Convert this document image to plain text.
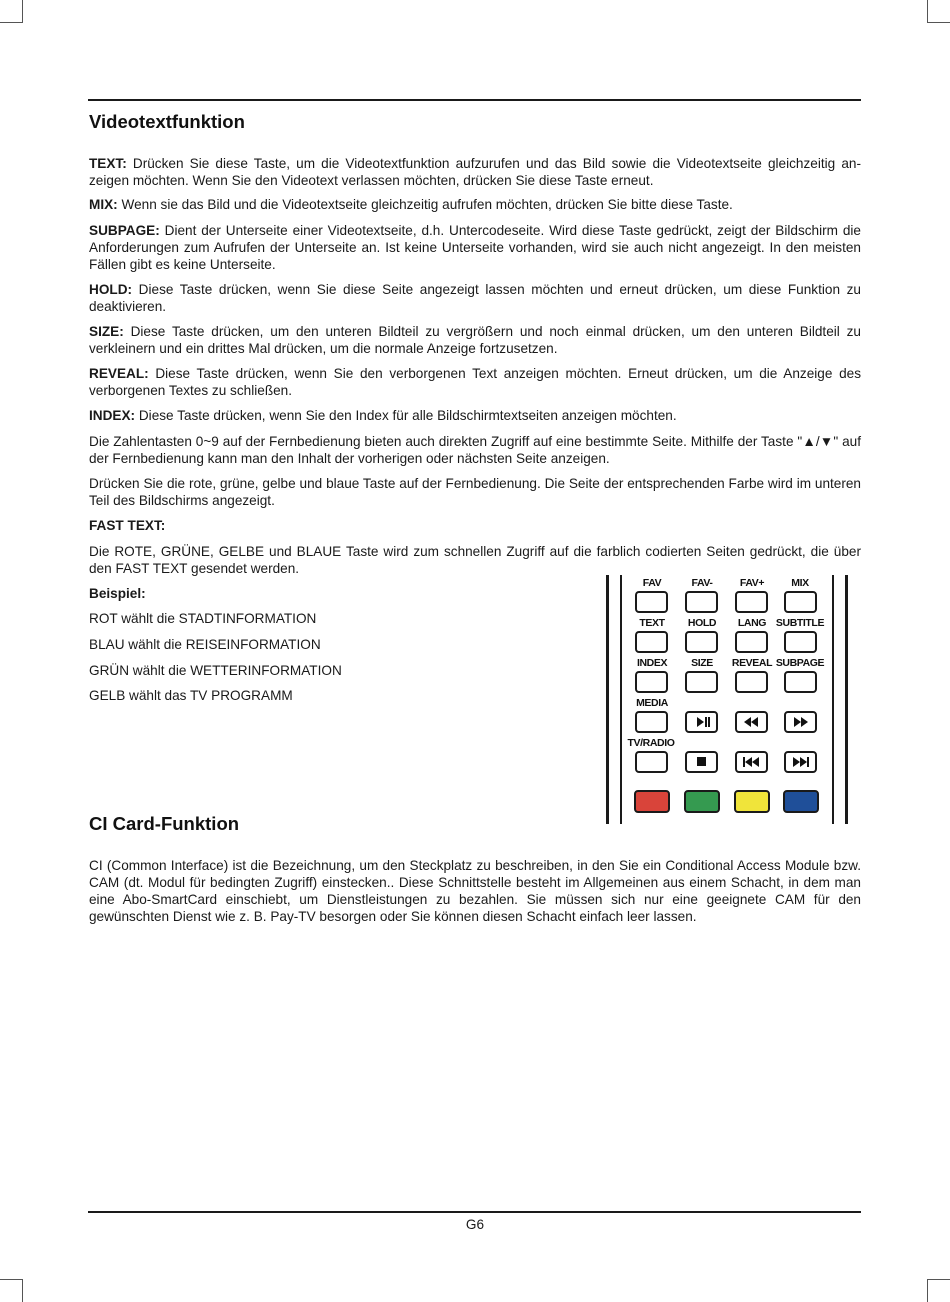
Videotextfunktion

TEXT: Drücken Sie diese Taste, um die Videotextfunktion aufzurufen und das Bild sowie die Videotextseite gleichzeitig an-zeigen möchten. Wenn Sie den Videotext verlassen möchten, drücken Sie diese Taste erneut.

MIX: Wenn sie das Bild und die Videotextseite gleichzeitig aufrufen möchten, drücken Sie bitte diese Taste.

SUBPAGE: Dient der Unterseite einer Videotextseite, d.h. Untercodeseite. Wird diese Taste gedrückt, zeigt der Bildschirm die Anforderungen zum Aufrufen der Unterseite an. Ist keine Unterseite vorhanden, wird sie auch nicht angezeigt. In den meisten Fällen gibt es keine Unterseite.

HOLD: Diese Taste drücken, wenn Sie diese Seite angezeigt lassen möchten und erneut drücken, um diese Funktion zu deaktivieren.

SIZE: Diese Taste drücken, um den unteren Bildteil zu vergrößern und noch einmal drücken, um den unteren Bildteil zu verkleinern und ein drittes Mal drücken, um die normale Anzeige fortzusetzen.

REVEAL: Diese Taste drücken, wenn Sie den verborgenen Text anzeigen möchten. Erneut drücken, um die Anzeige des verborgenen Textes zu schließen.

INDEX: Diese Taste drücken, wenn Sie den Index für alle Bildschirmtextseiten anzeigen möchten.

Die Zahlentasten 0~9 auf der Fernbedienung bieten auch direkten Zugriff auf eine bestimmte Seite. Mithilfe der Taste "▲/▼" auf der Fernbedienung kann man den Inhalt der vorherigen oder nächsten Seite anzeigen.

Drücken Sie die rote, grüne, gelbe und blaue Taste auf der Fernbedienung. Die Seite der entsprechenden Farbe wird im unteren Teil des Bildschirms angezeigt.

FAST TEXT:

Die ROTE, GRÜNE, GELBE und BLAUE Taste wird zum schnellen Zugriff auf die farblich codierten Seiten gedrückt, die über den FAST TEXT gesendet werden.

Beispiel:

ROT wählt die STADTINFORMATION

BLAU wählt die REISEINFORMATION

GRÜN wählt die WETTERINFORMATION

GELB wählt das TV PROGRAMM

FAV	FAV-	FAV+	MIX
TEXT	HOLD	LANG SUBTITLE
INDEX	SIZE	REVEAL SUBPAGE
MEDIA
TV/RADIO
CI Card-Funktion

CI (Common Interface) ist die Bezeichnung, um den Steckplatz zu beschreiben, in den Sie ein Conditional Access Module bzw. CAM (dt. Modul für bedingten Zugriff) einstecken.. Diese Schnittstelle besteht im Allgemeinen aus einem Schacht, in dem man eine Abo-SmartCard einschiebt, um Dienstleistungen zu bezahlen. Sie müssen sich nur eine geeignete CAM für den gewünschten Dienst wie z. B. Pay-TV besorgen oder Sie können diesen Schacht einfach leer lassen.

G6
